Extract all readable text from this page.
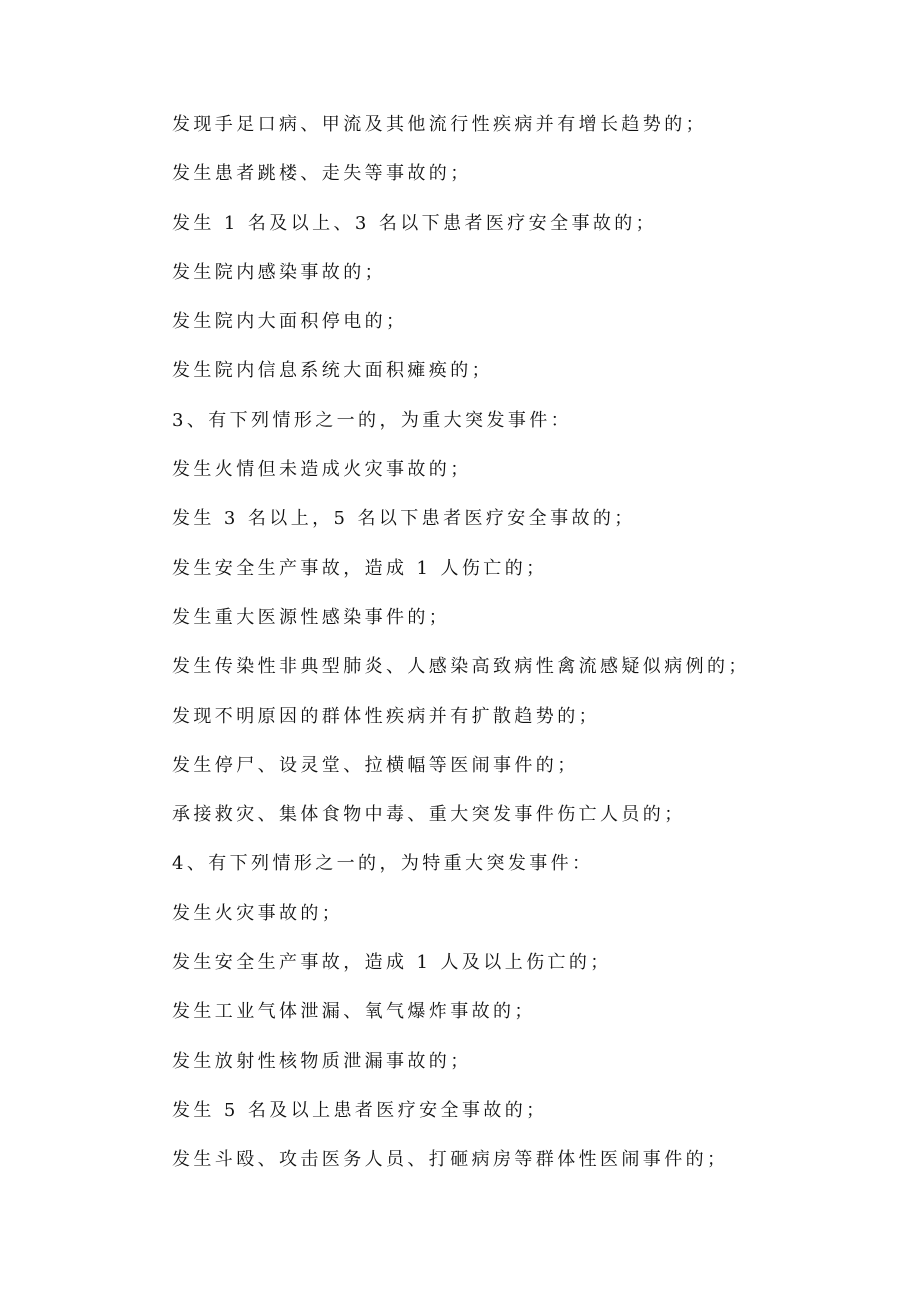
发现手足口病、甲流及其他流行性疾病并有增长趋势的；
发生患者跳楼、走失等事故的；
发生 1 名及以上、3 名以下患者医疗安全事故的；
发生院内感染事故的；
发生院内大面积停电的；
发生院内信息系统大面积瘫痪的；
3、有下列情形之一的，为重大突发事件：
发生火情但未造成火灾事故的；
发生 3 名以上，5 名以下患者医疗安全事故的；
发生安全生产事故，造成 1 人伤亡的；
发生重大医源性感染事件的；
发生传染性非典型肺炎、人感染高致病性禽流感疑似病例的；
发现不明原因的群体性疾病并有扩散趋势的；
发生停尸、设灵堂、拉横幅等医闹事件的；
承接救灾、集体食物中毒、重大突发事件伤亡人员的；
4、有下列情形之一的，为特重大突发事件：
发生火灾事故的；
发生安全生产事故，造成 1 人及以上伤亡的；
发生工业气体泄漏、氧气爆炸事故的；
发生放射性核物质泄漏事故的；
发生 5 名及以上患者医疗安全事故的；
发生斗殴、攻击医务人员、打砸病房等群体性医闹事件的；
